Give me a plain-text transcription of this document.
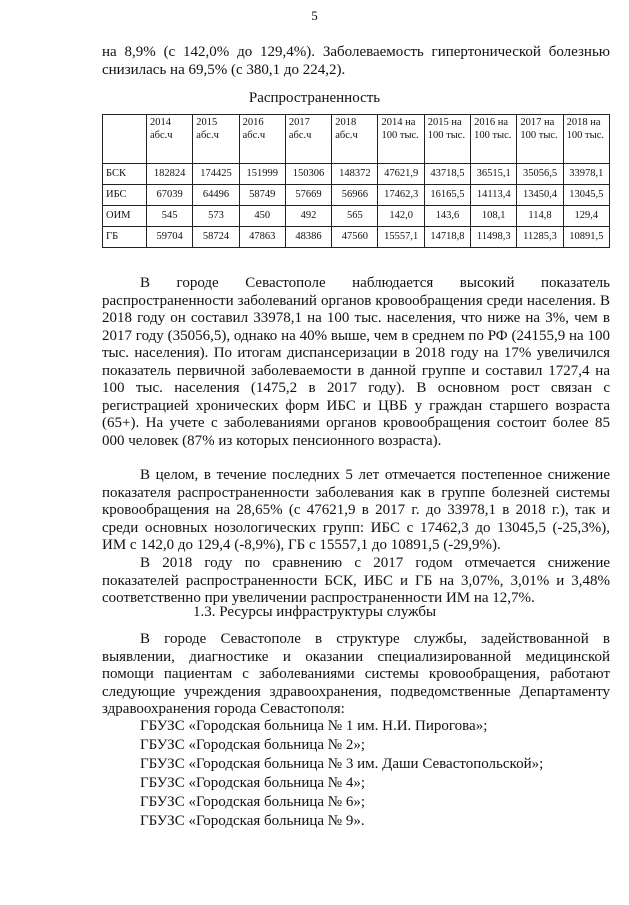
5

на 8,9% (с 142,0% до 129,4%). Заболеваемость гипертонической болезнью
снизилась на 69,5% (с 380,1 до 224,2).

Распространенность
	2014 абс.ч	2015 абс.ч	2016 абс.ч	2017 абс.ч	2018 абс.ч	2014 на 100 тыс.	2015 на 100 тыс.	2016 на 100 тыс.	2017 на 100 тыс.	2018 на 100 тыс.
БСК	182824	174425	151999	150306	148372	47621,9	43718,5	36515,1	35056,5	33978,1
ИБС	67039	64496	58749	57669	56966	17462,3	16165,5	14113,4	13450,4	13045,5
ОИМ	545	573	450	492	565	142,0	143,6	108,1	114,8	129,4
ГБ	59704	58724	47863	48386	47560	15557,1	14718,8	11498,3	11285,3	10891,5

В городе Севастополе наблюдается высокий показатель распространенности заболеваний органов кровообращения среди населения. В 2018 году он составил 33978,1 на 100 тыс. населения, что ниже на 3%, чем в 2017 году (35056,5), однако на 40% выше, чем в среднем по РФ (24155,9 на 100 тыс. населения). По итогам диспансеризации в 2018 году на 17% увеличился показатель первичной заболеваемости в данной группе и составил 1727,4 на 100 тыс. населения (1475,2 в 2017 году). В основном рост связан с регистрацией хронических форм ИБС и ЦВБ у граждан старшего возраста (65+). На учете с заболеваниями органов кровообращения состоит более 85 000 человек (87% из которых пенсионного возраста).

В целом, в течение последних 5 лет отмечается постепенное снижение показателя распространенности заболевания как в группе болезней системы кровообращения на 28,65% (с 47621,9 в 2017 г. до 33978,1 в 2018 г.), так и среди основных нозологических групп: ИБС с 17462,3 до 13045,5 (-25,3%), ИМ с 142,0 до 129,4 (-8,9%), ГБ с 15557,1 до 10891,5 (-29,9%).

В 2018 году по сравнению с 2017 годом отмечается снижение показателей распространенности БСК, ИБС и ГБ на 3,07%, 3,01% и 3,48% соответственно при увеличении распространенности ИМ на 12,7%.

1.3. Ресурсы инфраструктуры службы

В городе Севастополе в структуре службы, задействованной в выявлении, диагностике и оказании специализированной медицинской помощи пациентам с заболеваниями системы кровообращения, работают следующие учреждения здравоохранения, подведомственные Департаменту здравоохранения города Севастополя:

ГБУЗС «Городская больница № 1 им. Н.И. Пирогова»;
ГБУЗС «Городская больница № 2»;
ГБУЗС «Городская больница № 3 им. Даши Севастопольской»;
ГБУЗС «Городская больница № 4»;
ГБУЗС «Городская больница № 6»;
ГБУЗС «Городская больница № 9».
